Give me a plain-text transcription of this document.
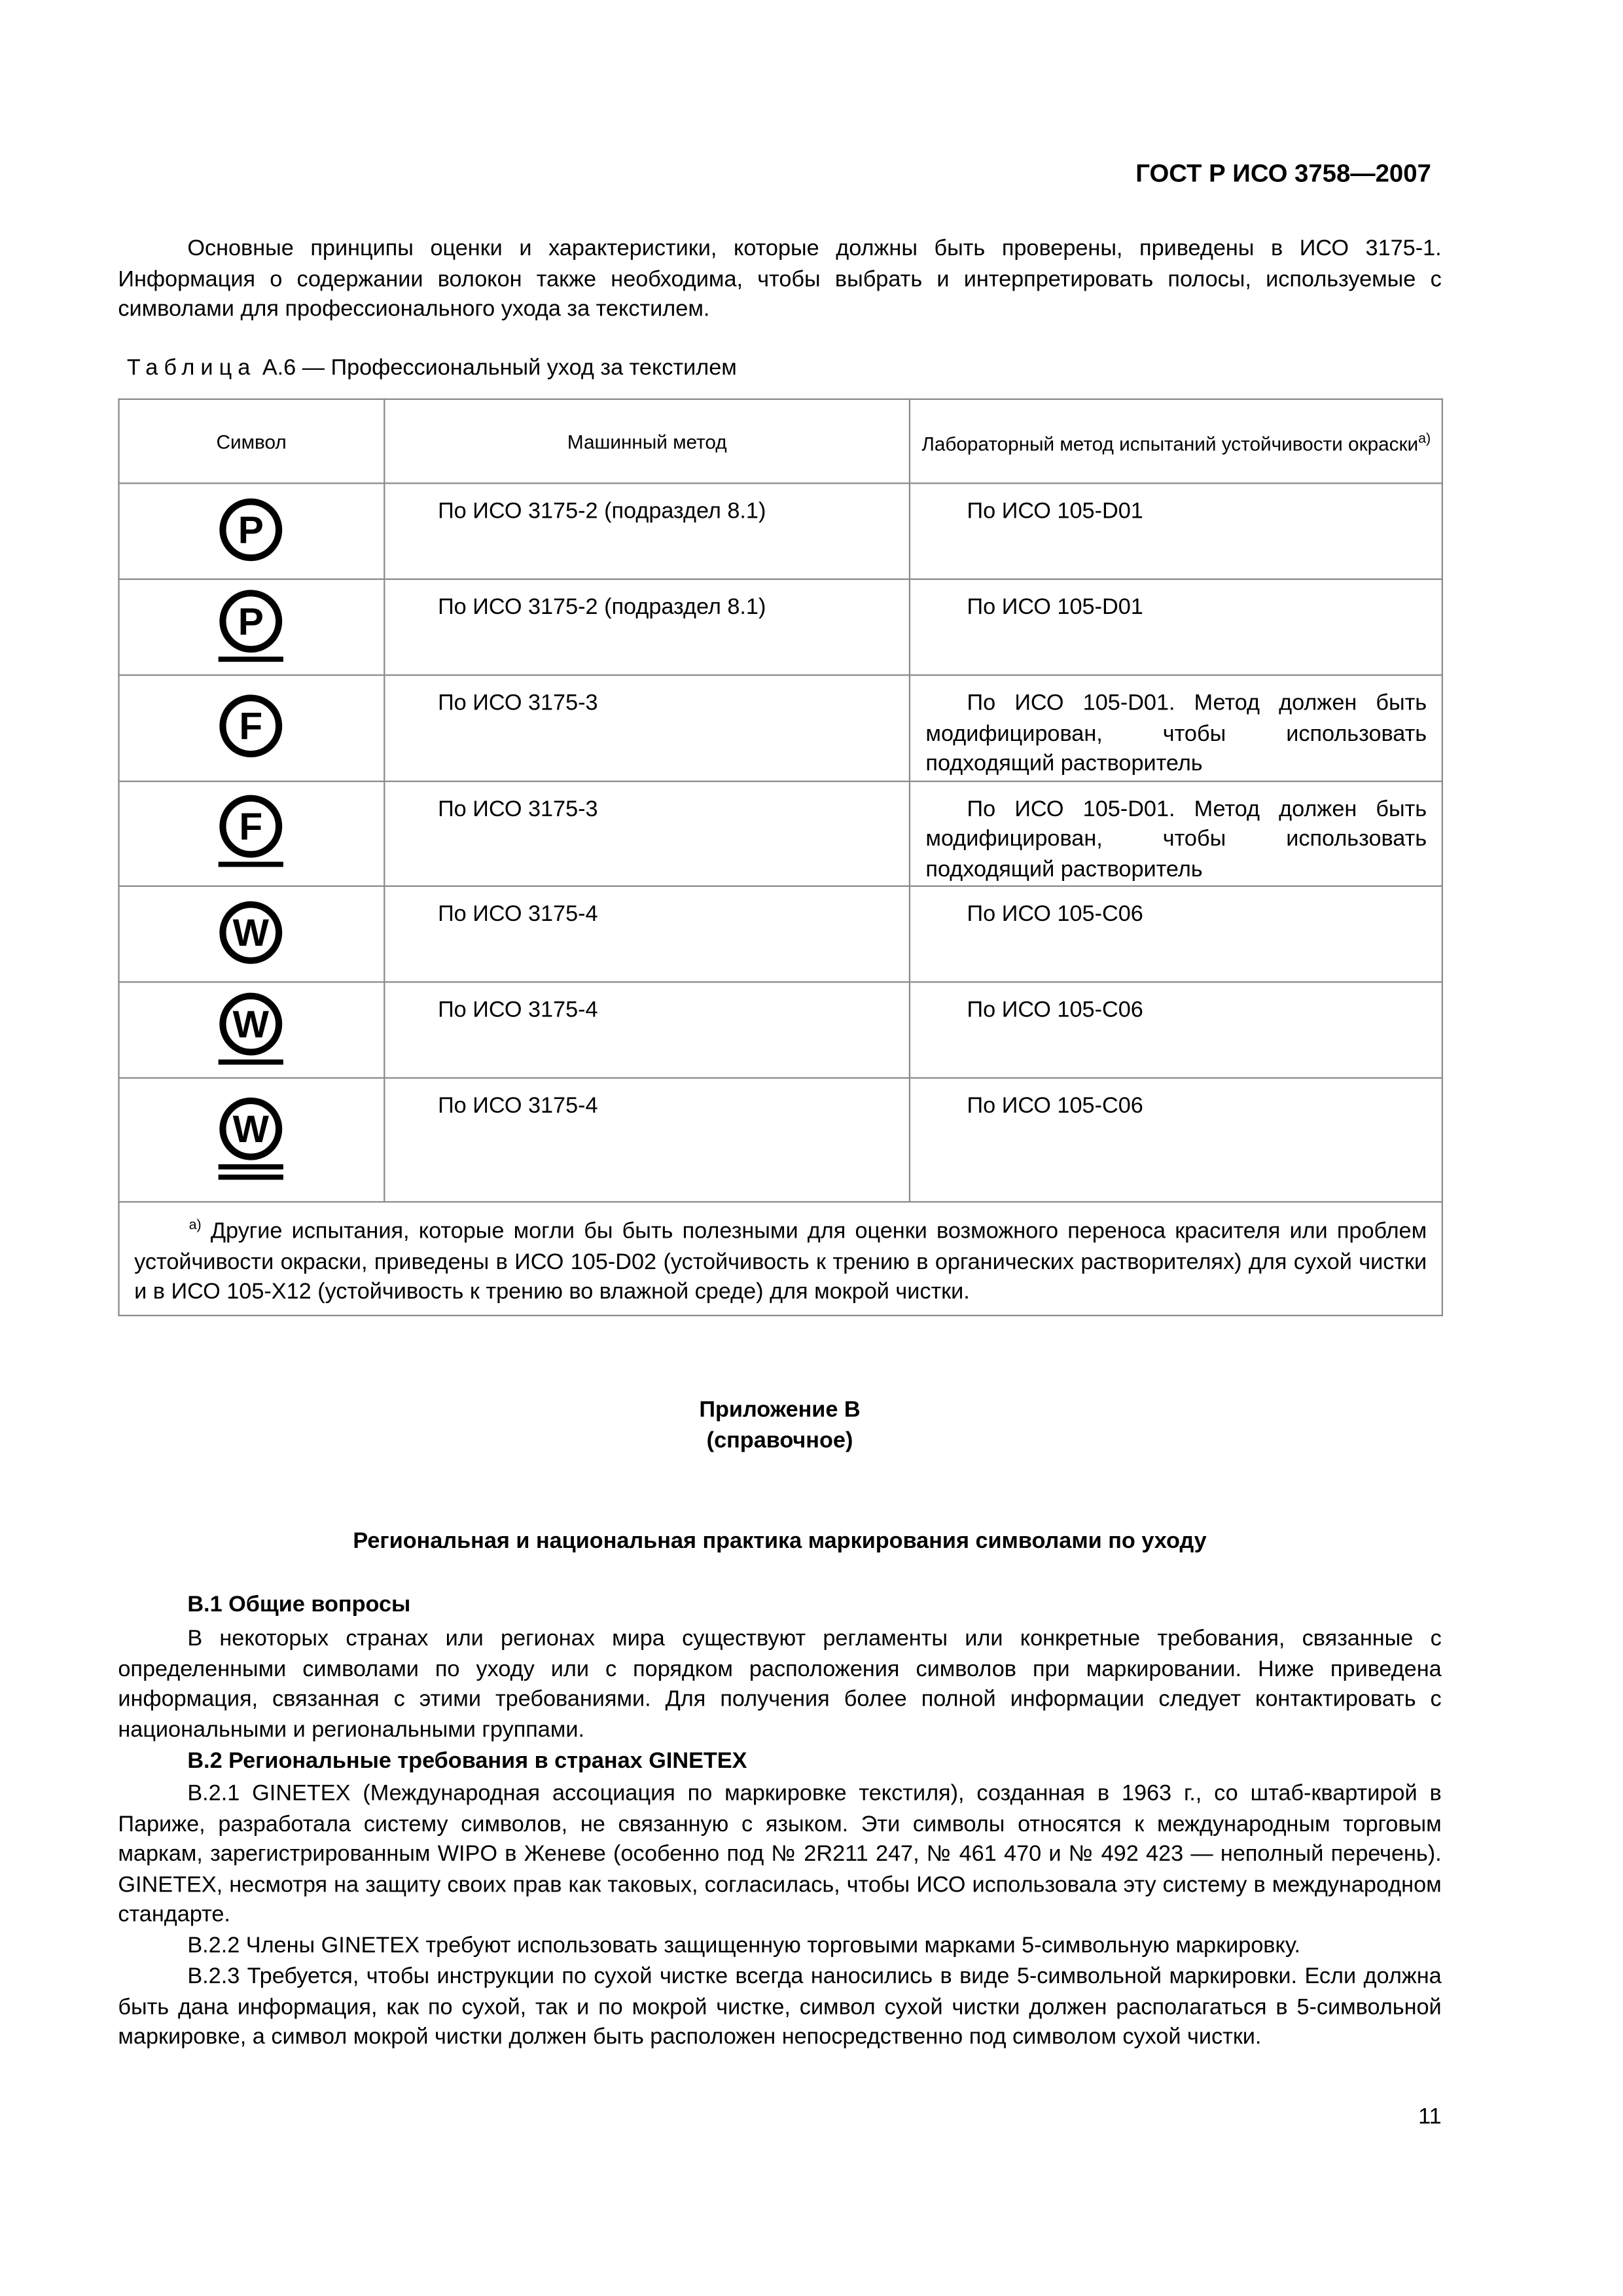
ГОСТ Р ИСО 3758—2007
Основные принципы оценки и характеристики, которые должны быть проверены, приведены в ИСО 3175-1. Информация о содержании волокон также необходима, чтобы выбрать и интерпретировать полосы, используемые с символами для профессионального ухода за текстилем.
Таблица А.6 — Профессиональный уход за текстилем
Символ	Машинный метод	Лабораторный метод испытаний устойчивости окраски$^{а)}$

P	По ИСО 3175-2 (подраздел 8.1)	По ИСО 105-D01

P	По ИСО 3175-2 (подраздел 8.1)	По ИСО 105-D01

F	По ИСО 3175-3	По ИСО 105-D01. Метод должен быть модифицирован, чтобы использовать подходящий растворитель

F	По ИСО 3175-3	По ИСО 105-D01. Метод должен быть модифицирован, чтобы использовать подходящий растворитель

W	По ИСО 3175-4	По ИСО 105-C06

W	По ИСО 3175-4	По ИСО 105-C06

W	По ИСО 3175-4	По ИСО 105-C06

$^{а)}$ Другие испытания, которые могли бы быть полезными для оценки возможного переноса красителя или проблем устойчивости окраски, приведены в ИСО 105-D02 (устойчивость к трению в органических растворителях) для сухой чистки и в ИСО 105-X12 (устойчивость к трению во влажной среде) для мокрой чистки.		
Приложение B
(справочное)
Региональная и национальная практика маркирования символами по уходу
B.1 Общие вопросы
В некоторых странах или регионах мира существуют регламенты или конкретные требования, связанные с определенными символами по уходу или с порядком расположения символов при маркировании. Ниже приведена информация, связанная с этими требованиями. Для получения более полной информации следует контактировать с национальными и региональными группами.
B.2 Региональные требования в странах GINETEX
В.2.1 GINETEX (Международная ассоциация по маркировке текстиля), созданная в 1963 г., со штаб-квартирой в Париже, разработала систему символов, не связанную с языком. Эти символы относятся к международным торговым маркам, зарегистрированным WIPO в Женеве (особенно под № 2R211 247, № 461 470 и № 492 423 — неполный перечень). GINETEX, несмотря на защиту своих прав как таковых, согласилась, чтобы ИСО использовала эту систему в международном стандарте.
В.2.2 Члены GINETEX требуют использовать защищенную торговыми марками 5-символьную маркировку.
В.2.3 Требуется, чтобы инструкции по сухой чистке всегда наносились в виде 5-символьной маркировки. Если должна быть дана информация, как по сухой, так и по мокрой чистке, символ сухой чистки должен располагаться в 5-символьной маркировке, а символ мокрой чистки должен быть расположен непосредственно под символом сухой чистки.
11
